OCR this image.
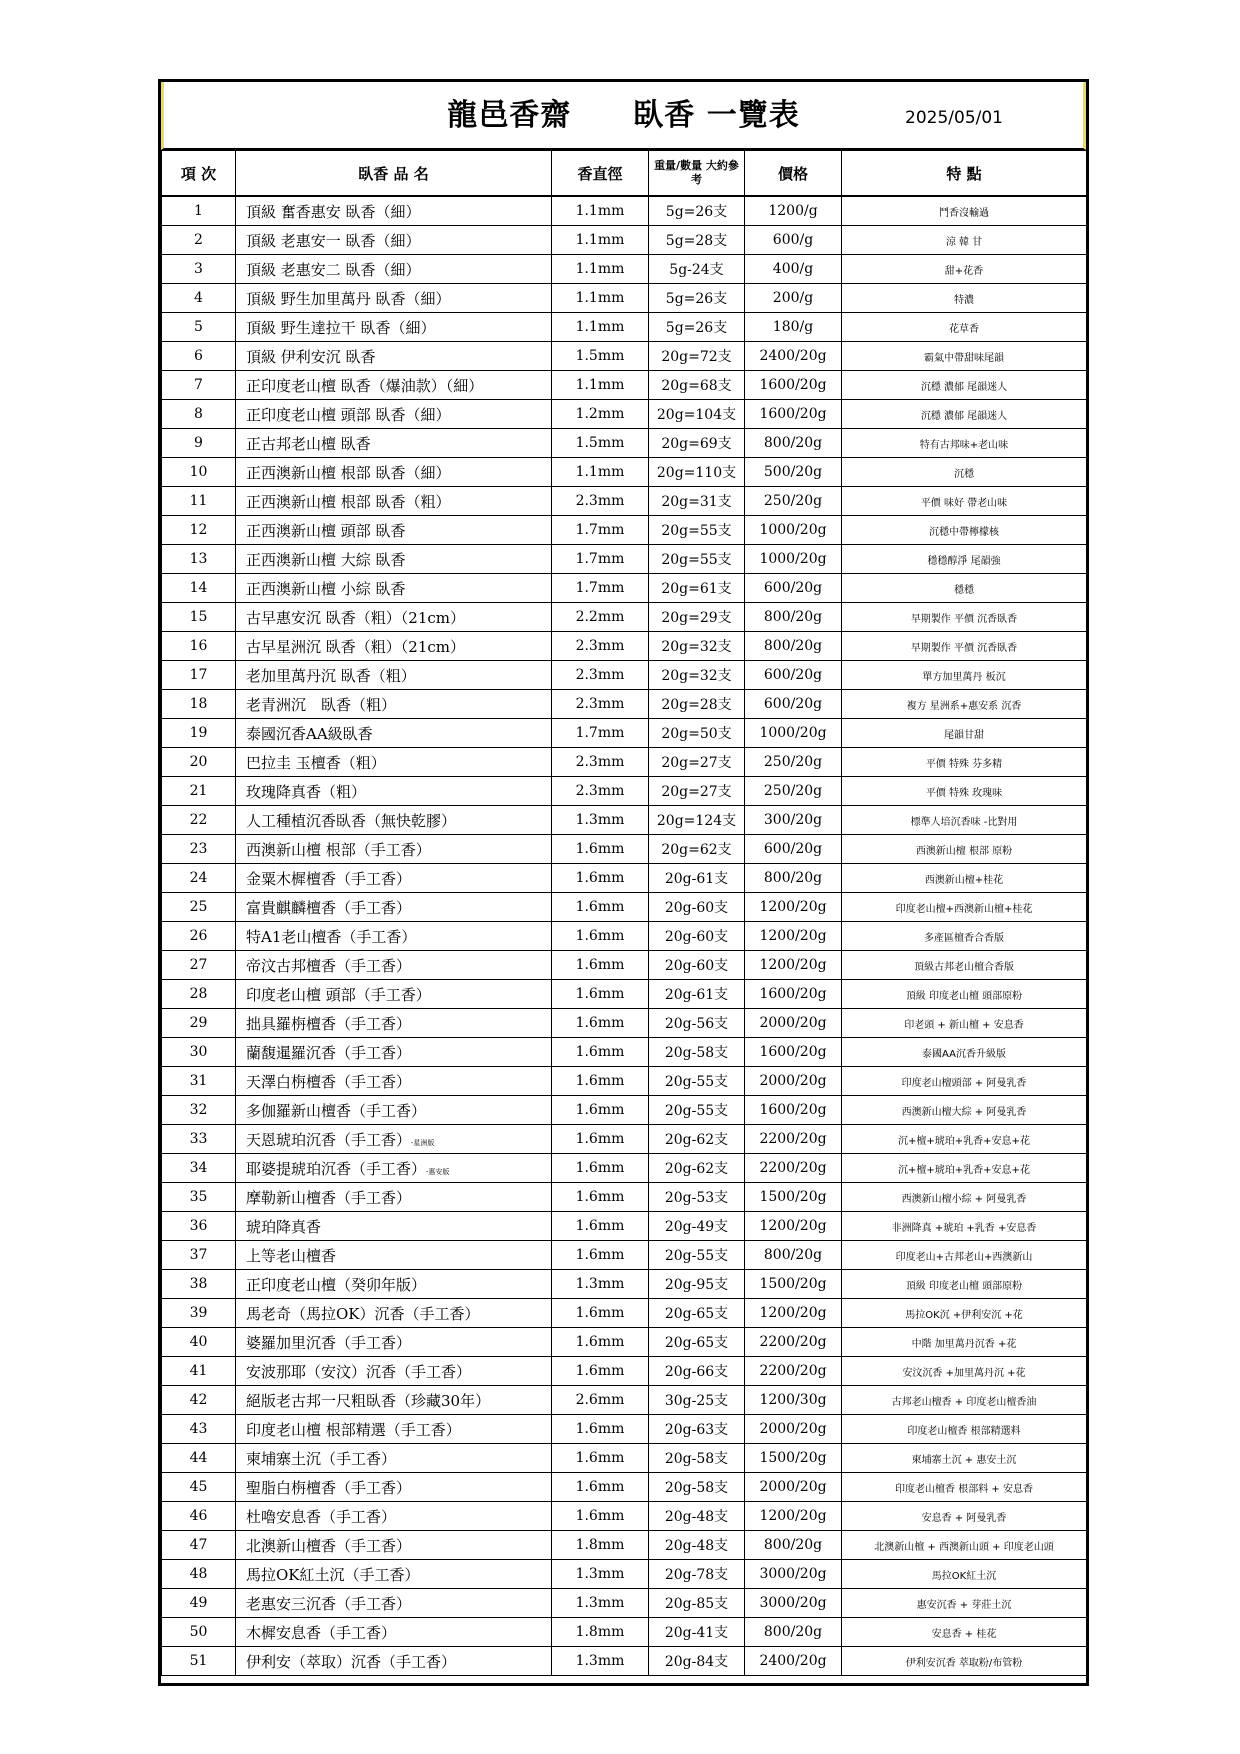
龍邑香齋　　臥香 一覽表	2025/05/01
項 次	臥香 品 名	香直徑	重量/數量 大約參考	價格	特 點
1	頂級 奮香惠安 臥香（細）	1.1mm	5g=26支	1200/g	鬥香沒輸過
2	頂級 老惠安一 臥香（細）	1.1mm	5g=28支	600/g	涼 韓 甘
3	頂級 老惠安二 臥香（細）	1.1mm	5g-24支	400/g	甜+花香
4	頂級 野生加里萬丹 臥香（細）	1.1mm	5g=26支	200/g	特濃
5	頂級 野生達拉干 臥香（細）	1.1mm	5g=26支	180/g	花草香
6	頂級 伊利安沉 臥香	1.5mm	20g=72支	2400/20g	霸氣中帶甜味尾韻
7	正印度老山檀 臥香（爆油款）（細）	1.1mm	20g=68支	1600/20g	沉穩 濃郁 尾韻迷人
8	正印度老山檀 頭部 臥香（細）	1.2mm	20g=104支	1600/20g	沉穩 濃郁 尾韻迷人
9	正古邦老山檀 臥香	1.5mm	20g=69支	800/20g	特有古邦味+老山味
10	正西澳新山檀 根部 臥香（細）	1.1mm	20g=110支	500/20g	沉穩
11	正西澳新山檀 根部 臥香（粗）	2.3mm	20g=31支	250/20g	平價 味好 帶老山味
12	正西澳新山檀 頭部 臥香	1.7mm	20g=55支	1000/20g	沉穩中帶檸檬核
13	正西澳新山檀 大綜 臥香	1.7mm	20g=55支	1000/20g	穩穩醇淨 尾韻強
14	正西澳新山檀 小綜 臥香	1.7mm	20g=61支	600/20g	穩穩
15	古早惠安沉 臥香（粗）（21cm）	2.2mm	20g=29支	800/20g	早期製作 平價 沉香臥香
16	古早星洲沉 臥香（粗）（21cm）	2.3mm	20g=32支	800/20g	早期製作 平價 沉香臥香
17	老加里萬丹沉 臥香（粗）	2.3mm	20g=32支	600/20g	單方加里萬丹 板沉
18	老青洲沉　臥香（粗）	2.3mm	20g=28支	600/20g	複方 星洲系+惠安系 沉香
19	泰國沉香AA級臥香	1.7mm	20g=50支	1000/20g	尾韻甘甜
20	巴拉圭 玉檀香（粗）	2.3mm	20g=27支	250/20g	平價 特殊 芬多精
21	玫瑰降真香（粗）	2.3mm	20g=27支	250/20g	平價 特殊 玫瑰味
22	人工種植沉香臥香（無快乾膠）	1.3mm	20g=124支	300/20g	標準人培沉香味 -比對用
23	西澳新山檀 根部（手工香）	1.6mm	20g=62支	600/20g	西澳新山檀 根部 原粉
24	金粟木樨檀香（手工香）	1.6mm	20g-61支	800/20g	西澳新山檀+桂花
25	富貴麒麟檀香（手工香）	1.6mm	20g-60支	1200/20g	印度老山檀+西澳新山檀+桂花
26	特A1老山檀香（手工香）	1.6mm	20g-60支	1200/20g	多產區檀香合香版
27	帝汶古邦檀香（手工香）	1.6mm	20g-60支	1200/20g	頂級古邦老山檀合香版
28	印度老山檀 頭部（手工香）	1.6mm	20g-61支	1600/20g	頂級 印度老山檀 頭部原粉
29	拙具羅栴檀香（手工香）	1.6mm	20g-56支	2000/20g	印老頭 + 新山檀 + 安息香
30	蘭馥暹羅沉香（手工香）	1.6mm	20g-58支	1600/20g	泰國AA沉香升級版
31	天澤白栴檀香（手工香）	1.6mm	20g-55支	2000/20g	印度老山檀頭部 + 阿曼乳香
32	多伽羅新山檀香（手工香）	1.6mm	20g-55支	1600/20g	西澳新山檀大綜 + 阿曼乳香
33	天恩琥珀沉香（手工香）-星洲版	1.6mm	20g-62支	2200/20g	沉+檀+琥珀+乳香+安息+花
34	耶婆提琥珀沉香（手工香）-惠安版	1.6mm	20g-62支	2200/20g	沉+檀+琥珀+乳香+安息+花
35	摩勒新山檀香（手工香）	1.6mm	20g-53支	1500/20g	西澳新山檀小綜 + 阿曼乳香
36	琥珀降真香	1.6mm	20g-49支	1200/20g	非洲降真 +琥珀 +乳香 +安息香
37	上等老山檀香	1.6mm	20g-55支	800/20g	印度老山+古邦老山+西澳新山
38	正印度老山檀（癸卯年版）	1.3mm	20g-95支	1500/20g	頂級 印度老山檀 頭部原粉
39	馬老奇（馬拉OK）沉香（手工香）	1.6mm	20g-65支	1200/20g	馬拉OK沉 +伊利安沉 +花
40	婆羅加里沉香（手工香）	1.6mm	20g-65支	2200/20g	中階 加里萬丹沉香 +花
41	安波那耶（安汶）沉香（手工香）	1.6mm	20g-66支	2200/20g	安汶沉香 +加里萬丹沉 +花
42	絕版老古邦一尺粗臥香（珍藏30年）	2.6mm	30g-25支	1200/30g	古邦老山檀香 + 印度老山檀香油
43	印度老山檀 根部精選（手工香）	1.6mm	20g-63支	2000/20g	印度老山檀香 根部精選料
44	柬埔寨土沉（手工香）	1.6mm	20g-58支	1500/20g	柬埔寨土沉 + 惠安土沉
45	聖脂白栴檀香（手工香）	1.6mm	20g-58支	2000/20g	印度老山檀香 根部料 + 安息香
46	杜嚕安息香（手工香）	1.6mm	20g-48支	1200/20g	安息香 + 阿曼乳香
47	北澳新山檀香（手工香）	1.8mm	20g-48支	800/20g	北澳新山檀 + 西澳新山頭 + 印度老山頭
48	馬拉OK紅土沉（手工香）	1.3mm	20g-78支	3000/20g	馬拉OK紅土沉
49	老惠安三沉香（手工香）	1.3mm	20g-85支	3000/20g	惠安沉香 + 芽莊土沉
50	木樨安息香（手工香）	1.8mm	20g-41支	800/20g	安息香 + 桂花
51	伊利安（萃取）沉香（手工香）	1.3mm	20g-84支	2400/20g	伊利安沉香 萃取粉/布管粉
